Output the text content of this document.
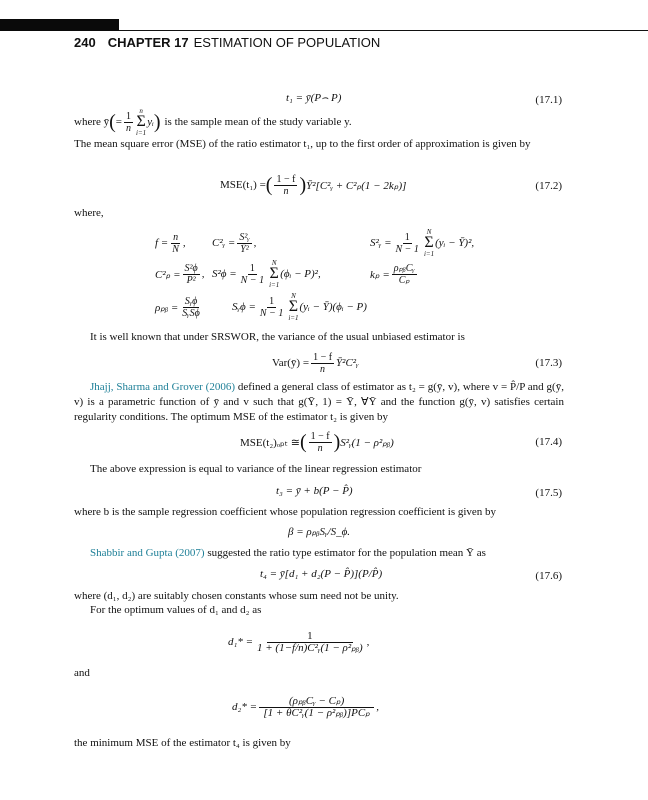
240 CHAPTER 17 ESTIMATION OF POPULATION
t₁ = ȳ(P⌢ P)	(17.1)
where ȳ ( = $\frac{1}{n}$ n
Σ
i=1
yᵢ ) is the sample mean of the study variable y.
The mean square error (MSE) of the ratio estimator t₁, up to the first order of approximation is given by
MSE(t₁) = ( $\frac{1 - f}{n}$ ) Ȳ²[C²ᵧ + C²ₚ(1 − 2kₚ)]	(17.2)
where,
$f = \frac{n}{N}$ , C²ᵧ = $\frac{\text{S²ᵧ}}{\text{Ȳ²}}$ ,	S²ᵧ = $\frac{1}{N - 1}$ N
Σ
i=1
(yᵢ − Ȳ)²,
$C^2_p = \frac{\text{S²ϕ}}{\text{P²}}$ , $S^2\phi = \frac{1}{N - 1}$ N
Σ
i=1
(ϕᵢ − P)²,	$k_p = \frac{\text{ρₚᵦCᵧ}}{\text{Cₚ}}$
ρₚᵦ = $\frac{\text{Sᵧϕ}}{\text{SᵧSϕ}}$	Sᵧϕ = $\frac{1}{N - 1}$ N
Σ
i=1
(yᵢ − Ȳ)(ϕᵢ − P)
It is well known that under SRSWOR, the variance of the usual unbiased estimator is
Var(ȳ) = $\frac{1 - f}{n}$ Ȳ²C²ᵧ	(17.3)
Jhajj, Sharma and Grover (2006) defined a general class of estimator as t₂ = g(ȳ, v), where v = P̂/P and g(ȳ, v) is a parametric function of ȳ and v such that g(Ȳ, 1) = Ȳ, ∀Ȳ and the function g(ȳ, v) satisfies certain regularity conditions. The optimum MSE of the estimator t₂ is given by
MSE(t₂)ₒₚₜ ≅ ( $\frac{1 - f}{n}$ ) S²ᵧ(1 − ρ²ₚᵦ)	(17.4)
The above expression is equal to variance of the linear regression estimator
t₃ = ȳ + b(P − P̂)	(17.5)
where b is the sample regression coefficient whose population regression coefficient is given by
β = ρₚᵦSᵧ/S_ϕ.
Shabbir and Gupta (2007) suggested the ratio type estimator for the population mean Ȳ as
t₄ = ȳ[d₁ + d₂(P − P̂)](P/P̂)	(17.6)
where (d₁, d₂) are suitably chosen constants whose sum need not be unity.
For the optimum values of d₁ and d₂ as
$d_1* = \frac{1}{\text{1 + (1−f/n)C²ᵧ(1 − ρ²ₚᵦ)}}$ ,
and
$d_2* = \frac{\text{(ρₚᵦCᵧ − Cₚ)}}{\text{[1 + θC²ᵧ(1 − ρ²ₚᵦ)]PCₚ}}$ ,
the minimum MSE of the estimator t₄ is given by
